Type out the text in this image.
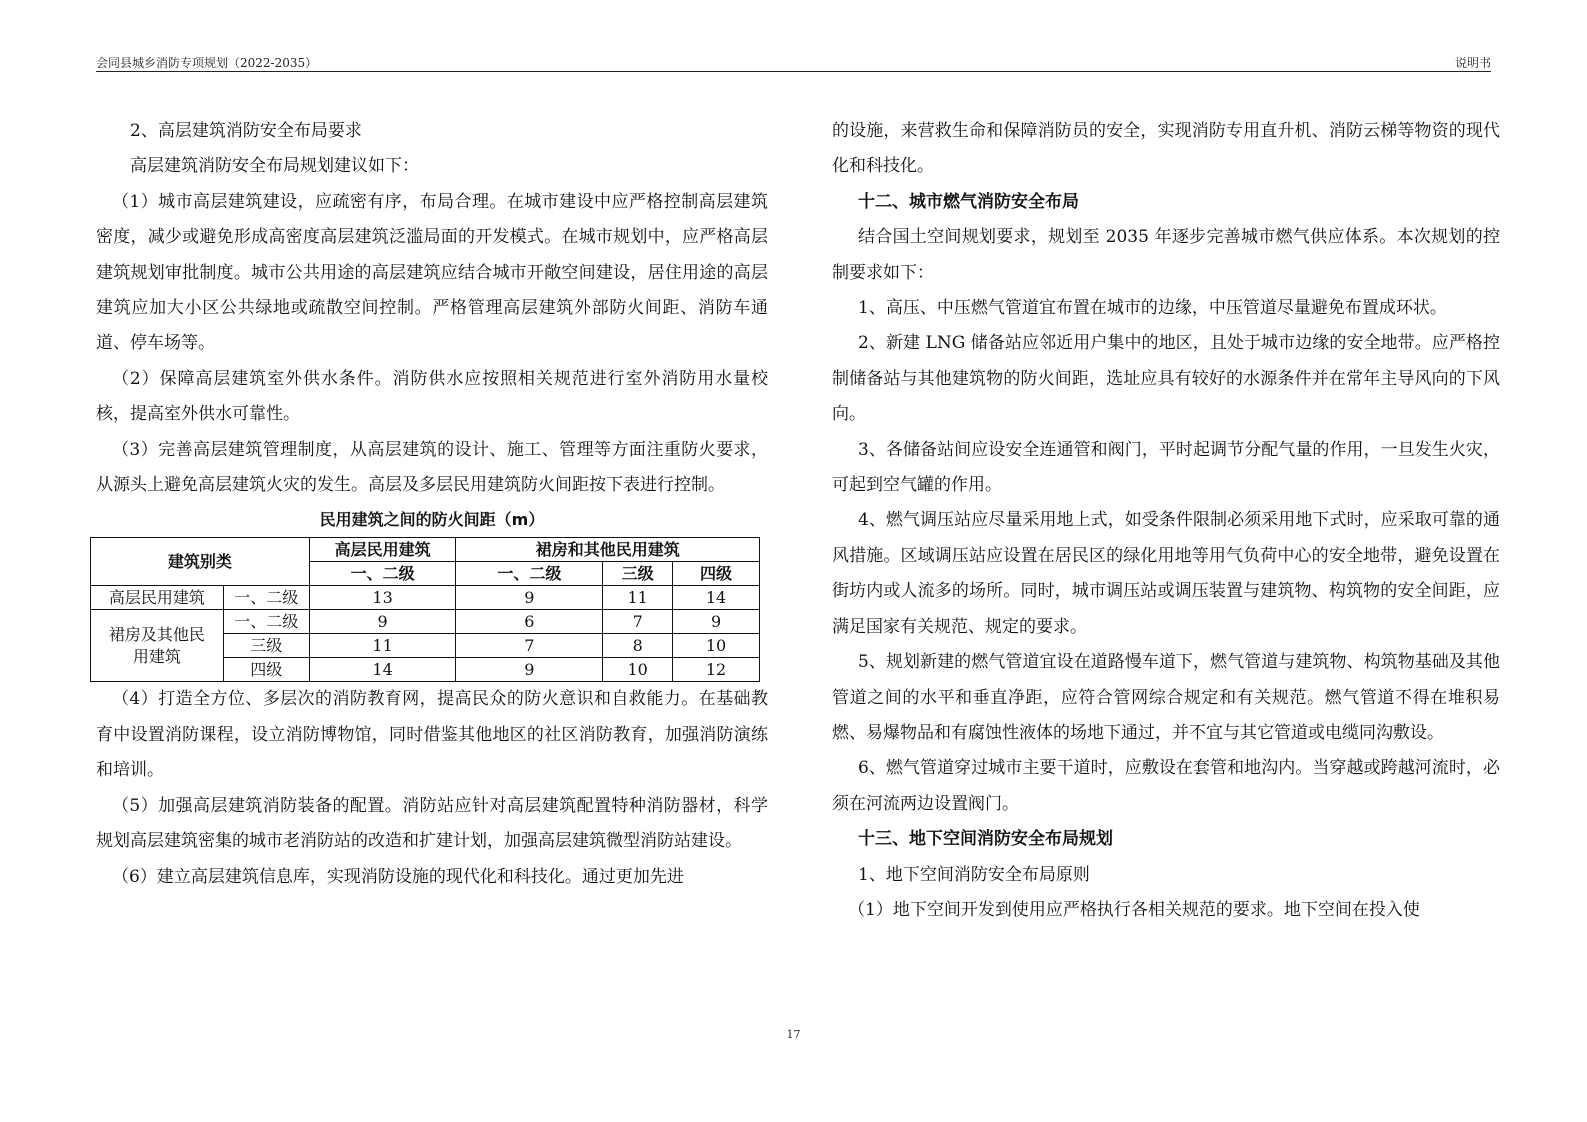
会同县城乡消防专项规划（2022-2035）	说明书

2、高层建筑消防安全布局要求

高层建筑消防安全布局规划建议如下：

（1）城市高层建筑建设，应疏密有序，布局合理。在城市建设中应严格控制高层建筑密度，减少或避免形成高密度高层建筑泛滥局面的开发模式。在城市规划中，应严格高层建筑规划审批制度。城市公共用途的高层建筑应结合城市开敞空间建设，居住用途的高层建筑应加大小区公共绿地或疏散空间控制。严格管理高层建筑外部防火间距、消防车通道、停车场等。

（2）保障高层建筑室外供水条件。消防供水应按照相关规范进行室外消防用水量校核，提高室外供水可靠性。

（3）完善高层建筑管理制度，从高层建筑的设计、施工、管理等方面注重防火要求，从源头上避免高层建筑火灾的发生。高层及多层民用建筑防火间距按下表进行控制。

民用建筑之间的防火间距（m）
建筑别类		高层民用建筑	裙房和其他民用建筑		
		一、二级	一、二级	三级	四级
高层民用建筑	一、二级	13	9	11	14
裙房及其他民用建筑	一、二级	9	6	7	9
	三级	11	7	8	10
	四级	14	9	10	12

（4）打造全方位、多层次的消防教育网，提高民众的防火意识和自救能力。在基础教育中设置消防课程，设立消防博物馆，同时借鉴其他地区的社区消防教育，加强消防演练和培训。

（5）加强高层建筑消防装备的配置。消防站应针对高层建筑配置特种消防器材，科学规划高层建筑密集的城市老消防站的改造和扩建计划，加强高层建筑微型消防站建设。

（6）建立高层建筑信息库，实现消防设施的现代化和科技化。通过更加先进

的设施，来营救生命和保障消防员的安全，实现消防专用直升机、消防云梯等物资的现代化和科技化。

十二、城市燃气消防安全布局

结合国土空间规划要求，规划至 2035 年逐步完善城市燃气供应体系。本次规划的控制要求如下：

1、高压、中压燃气管道宜布置在城市的边缘，中压管道尽量避免布置成环状。

2、新建 LNG 储备站应邻近用户集中的地区，且处于城市边缘的安全地带。应严格控制储备站与其他建筑物的防火间距，选址应具有较好的水源条件并在常年主导风向的下风向。

3、各储备站间应设安全连通管和阀门，平时起调节分配气量的作用，一旦发生火灾，可起到空气罐的作用。

4、燃气调压站应尽量采用地上式，如受条件限制必须采用地下式时，应采取可靠的通风措施。区域调压站应设置在居民区的绿化用地等用气负荷中心的安全地带，避免设置在街坊内或人流多的场所。同时，城市调压站或调压装置与建筑物、构筑物的安全间距，应满足国家有关规范、规定的要求。

5、规划新建的燃气管道宜设在道路慢车道下，燃气管道与建筑物、构筑物基础及其他管道之间的水平和垂直净距，应符合管网综合规定和有关规范。燃气管道不得在堆积易燃、易爆物品和有腐蚀性液体的场地下通过，并不宜与其它管道或电缆同沟敷设。

6、燃气管道穿过城市主要干道时，应敷设在套管和地沟内。当穿越或跨越河流时，必须在河流两边设置阀门。

十三、地下空间消防安全布局规划

1、地下空间消防安全布局原则

（1）地下空间开发到使用应严格执行各相关规范的要求。地下空间在投入使

17
